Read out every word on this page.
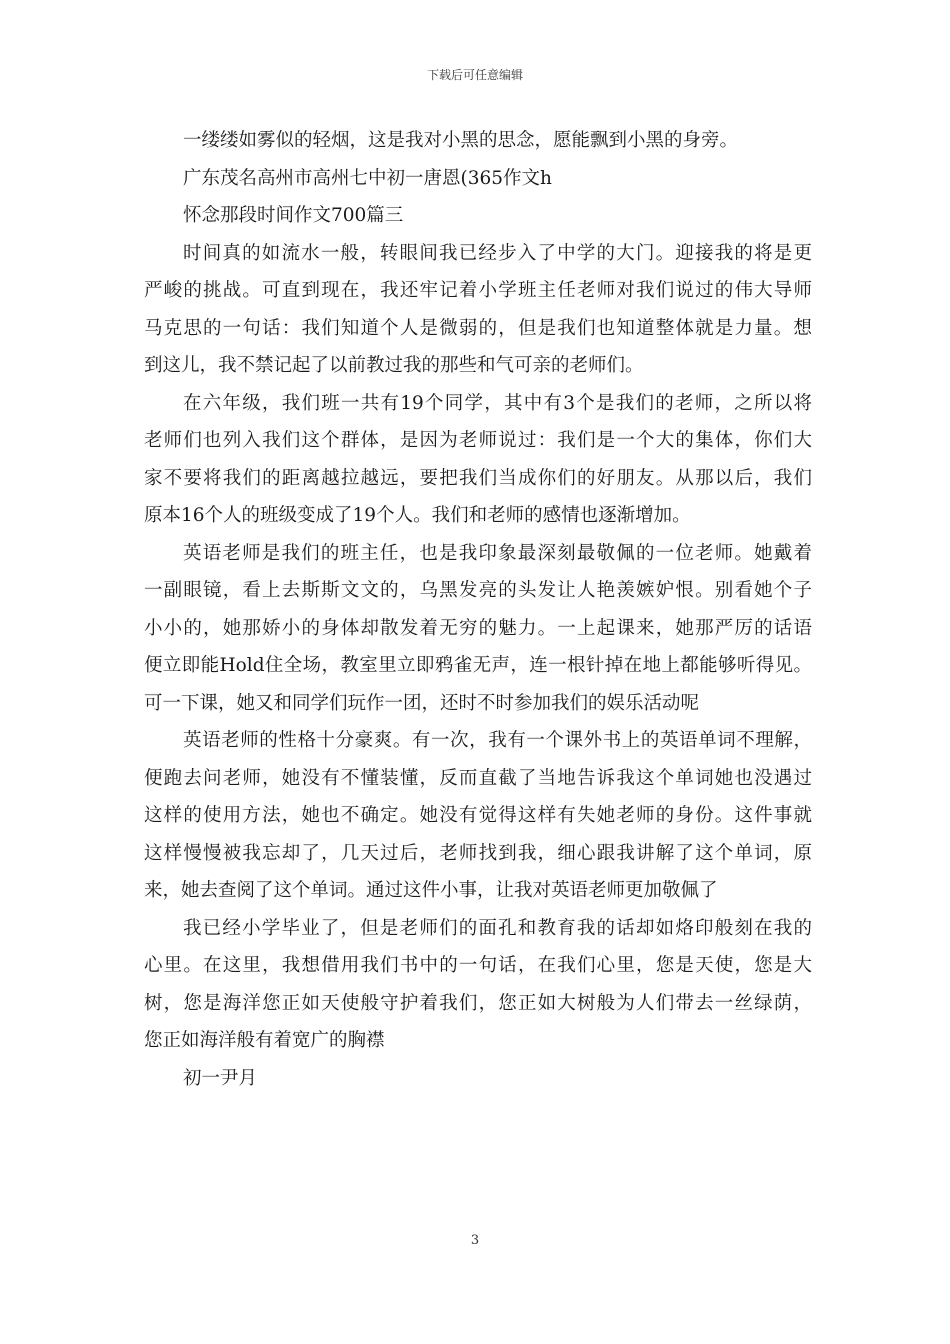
下载后可任意编辑
一缕缕如雾似的轻烟，这是我对小黑的思念，愿能飘到小黑的身旁。
广东茂名高州市高州七中初一唐恩(365作文h
怀念那段时间作文700篇三
时间真的如流水一般，转眼间我已经步入了中学的大门。迎接我的将是更
严峻的挑战。可直到现在，我还牢记着小学班主任老师对我们说过的伟大导师
马克思的一句话：我们知道个人是微弱的，但是我们也知道整体就是力量。想
到这儿，我不禁记起了以前教过我的那些和气可亲的老师们。
在六年级，我们班一共有19个同学，其中有3个是我们的老师，之所以将
老师们也列入我们这个群体，是因为老师说过：我们是一个大的集体，你们大
家不要将我们的距离越拉越远，要把我们当成你们的好朋友。从那以后，我们
原本16个人的班级变成了19个人。我们和老师的感情也逐渐增加。
英语老师是我们的班主任，也是我印象最深刻最敬佩的一位老师。她戴着
一副眼镜，看上去斯斯文文的，乌黑发亮的头发让人艳羡嫉妒恨。别看她个子
小小的，她那娇小的身体却散发着无穷的魅力。一上起课来，她那严厉的话语
便立即能Hold住全场，教室里立即鸦雀无声，连一根针掉在地上都能够听得见。
可一下课，她又和同学们玩作一团，还时不时参加我们的娱乐活动呢
英语老师的性格十分豪爽。有一次，我有一个课外书上的英语单词不理解，
便跑去问老师，她没有不懂装懂，反而直截了当地告诉我这个单词她也没遇过
这样的使用方法，她也不确定。她没有觉得这样有失她老师的身份。这件事就
这样慢慢被我忘却了，几天过后，老师找到我，细心跟我讲解了这个单词，原
来，她去查阅了这个单词。通过这件小事，让我对英语老师更加敬佩了
我已经小学毕业了，但是老师们的面孔和教育我的话却如烙印般刻在我的
心里。在这里，我想借用我们书中的一句话，在我们心里，您是天使，您是大
树，您是海洋您正如天使般守护着我们，您正如大树般为人们带去一丝绿荫，
您正如海洋般有着宽广的胸襟
初一尹月
3
